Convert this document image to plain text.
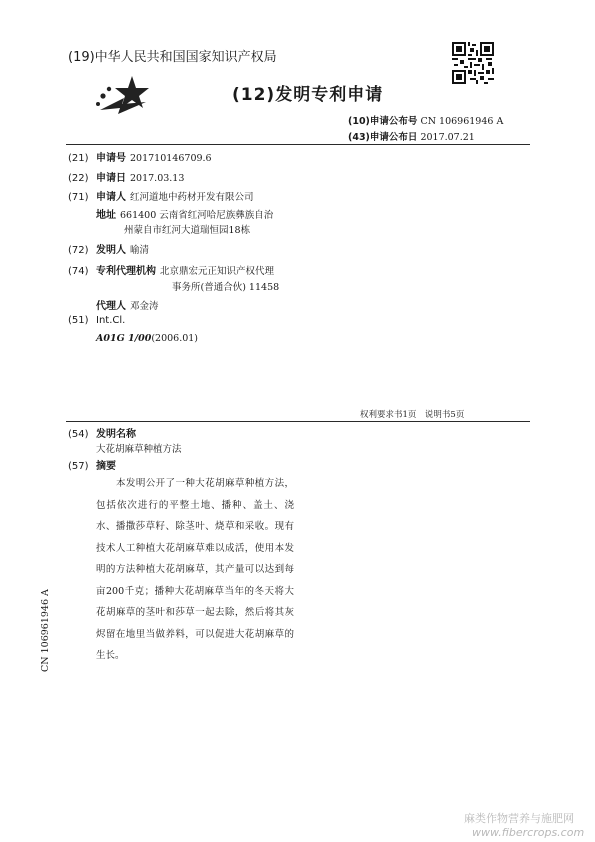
(19)中华人民共和国国家知识产权局
(12)发明专利申请
(10)申请公布号 CN 106961946 A
(43)申请公布日 2017.07.21
(21) 申请号 201710146709.6
(22) 申请日 2017.03.13
(71) 申请人 红河道地中药材开发有限公司
地址 661400 云南省红河哈尼族彝族自治
州蒙自市红河大道瑞恒园18栋
(72) 发明人 喻清
(74) 专利代理机构 北京鼎宏元正知识产权代理
事务所(普通合伙) 11458
代理人 邓金涛
(51) Int.Cl.
A01G 1/00(2006.01)
权利要求书1页　说明书5页
(54) 发明名称
大花胡麻草种植方法
(57) 摘要

本发明公开了一种大花胡麻草种植方法，包括依次进行的平整土地、播种、盖土、浇水、播撒莎草籽、除茎叶、烧草和采收。现有技术人工种植大花胡麻草难以成活，使用本发明的方法种植大花胡麻草，其产量可以达到每亩200千克；播种大花胡麻草当年的冬天将大花胡麻草的茎叶和莎草一起去除，然后将其灰烬留在地里当做养料，可以促进大花胡麻草的生长。

CN 106961946 A
麻类作物营养与施肥网
www.fibercrops.com
